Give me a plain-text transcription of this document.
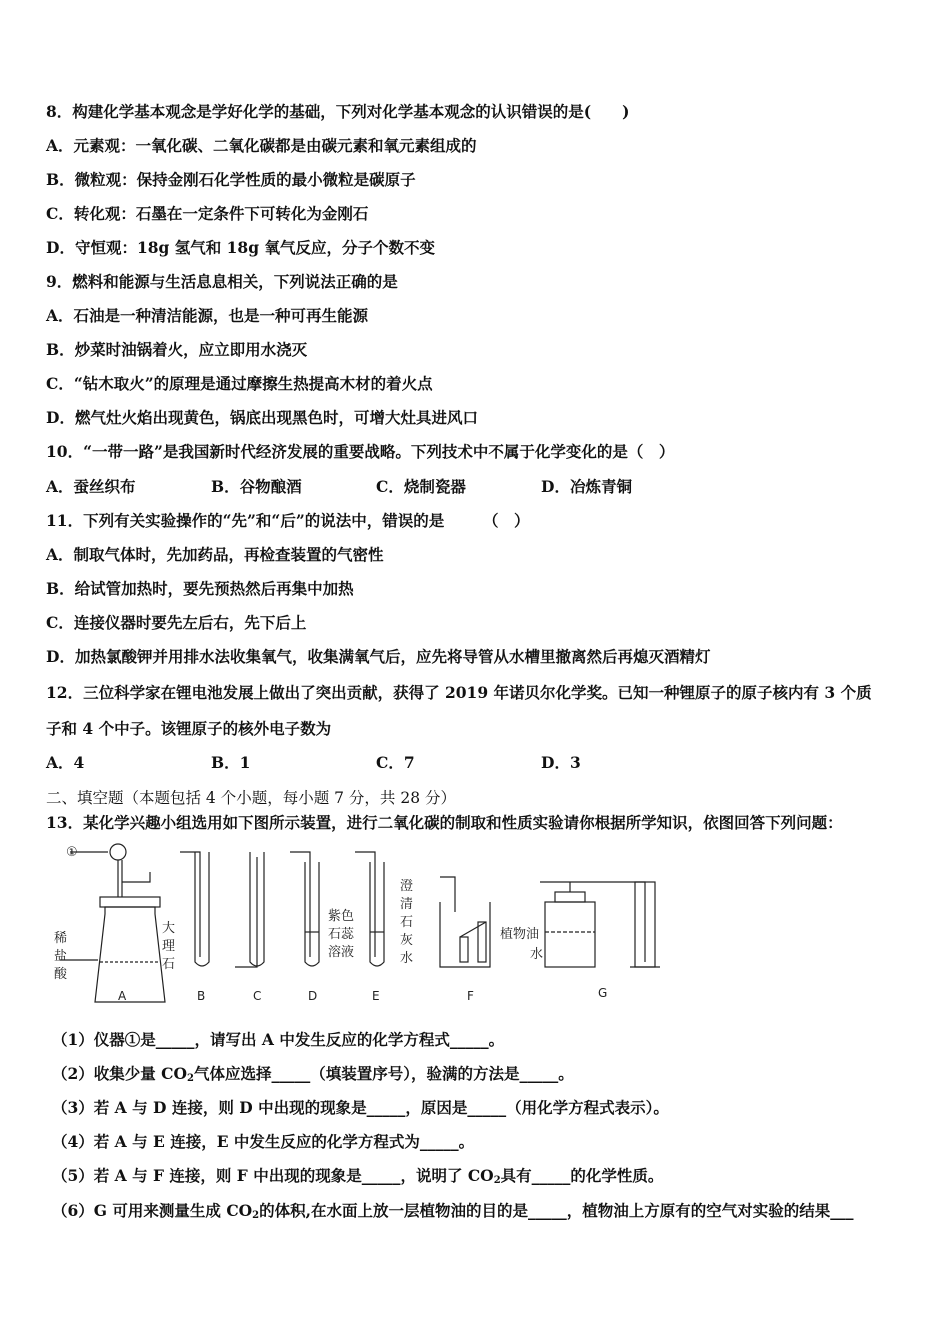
8．构建化学基本观念是学好化学的基础，下列对化学基本观念的认识错误的是(　　)
A．元素观：一氧化碳、二氧化碳都是由碳元素和氧元素组成的
B．微粒观：保持金刚石化学性质的最小微粒是碳原子
C．转化观：石墨在一定条件下可转化为金刚石
D．守恒观：18g 氢气和 18g 氧气反应，分子个数不变
9．燃料和能源与生活息息相关，下列说法正确的是
A．石油是一种清洁能源，也是一种可再生能源
B．炒菜时油锅着火，应立即用水浇灭
C．“钻木取火”的原理是通过摩擦生热提高木材的着火点
D．燃气灶火焰出现黄色，锅底出现黑色时，可增大灶具进风口
10．“一带一路”是我国新时代经济发展的重要战略。下列技术中不属于化学变化的是（　）
A．蚕丝织布	B．谷物酿酒	C．烧制瓷器	D．冶炼青铜
11．下列有关实验操作的“先”和“后”的说法中，错误的是　　　（　）
A．制取气体时，先加药品，再检查装置的气密性
B．给试管加热时，要先预热然后再集中加热
C．连接仪器时要先左后右，先下后上
D．加热氯酸钾并用排水法收集氧气，收集满氧气后，应先将导管从水槽里撤离然后再熄灭酒精灯
12．三位科学家在锂电池发展上做出了突出贡献，获得了 2019 年诺贝尔化学奖。已知一种锂原子的原子核内有 3 个质
子和 4 个中子。该锂原子的核外电子数为
A．4	B．1	C．7	D．3
二、填空题（本题包括 4 个小题，每小题 7 分，共 28 分）
13．某化学兴趣小组选用如下图所示装置，进行二氧化碳的制取和性质实验请你根据所学知识，依图回答下列问题：
①
稀
盐
酸
大
理
石
紫色
石蕊
溶液
澄
清
石
灰
水
植物油
水
A	B	C	D	E	F	G
（1）仪器①是_____，请写出 A 中发生反应的化学方程式_____。
（2）收集少量 $CO_2$气体应选择_____（填装置序号），验满的方法是_____。
（3）若 A 与 D 连接，则 D 中出现的现象是_____，原因是_____（用化学方程式表示）。
（4）若 A 与 E 连接，E 中发生反应的化学方程式为_____。
（5）若 A 与 F 连接，则 F 中出现的现象是_____，说明了 $CO_2$具有_____的化学性质。
（6）G 可用来测量生成 $CO_2$的体积,在水面上放一层植物油的目的是_____，植物油上方原有的空气对实验的结果___
